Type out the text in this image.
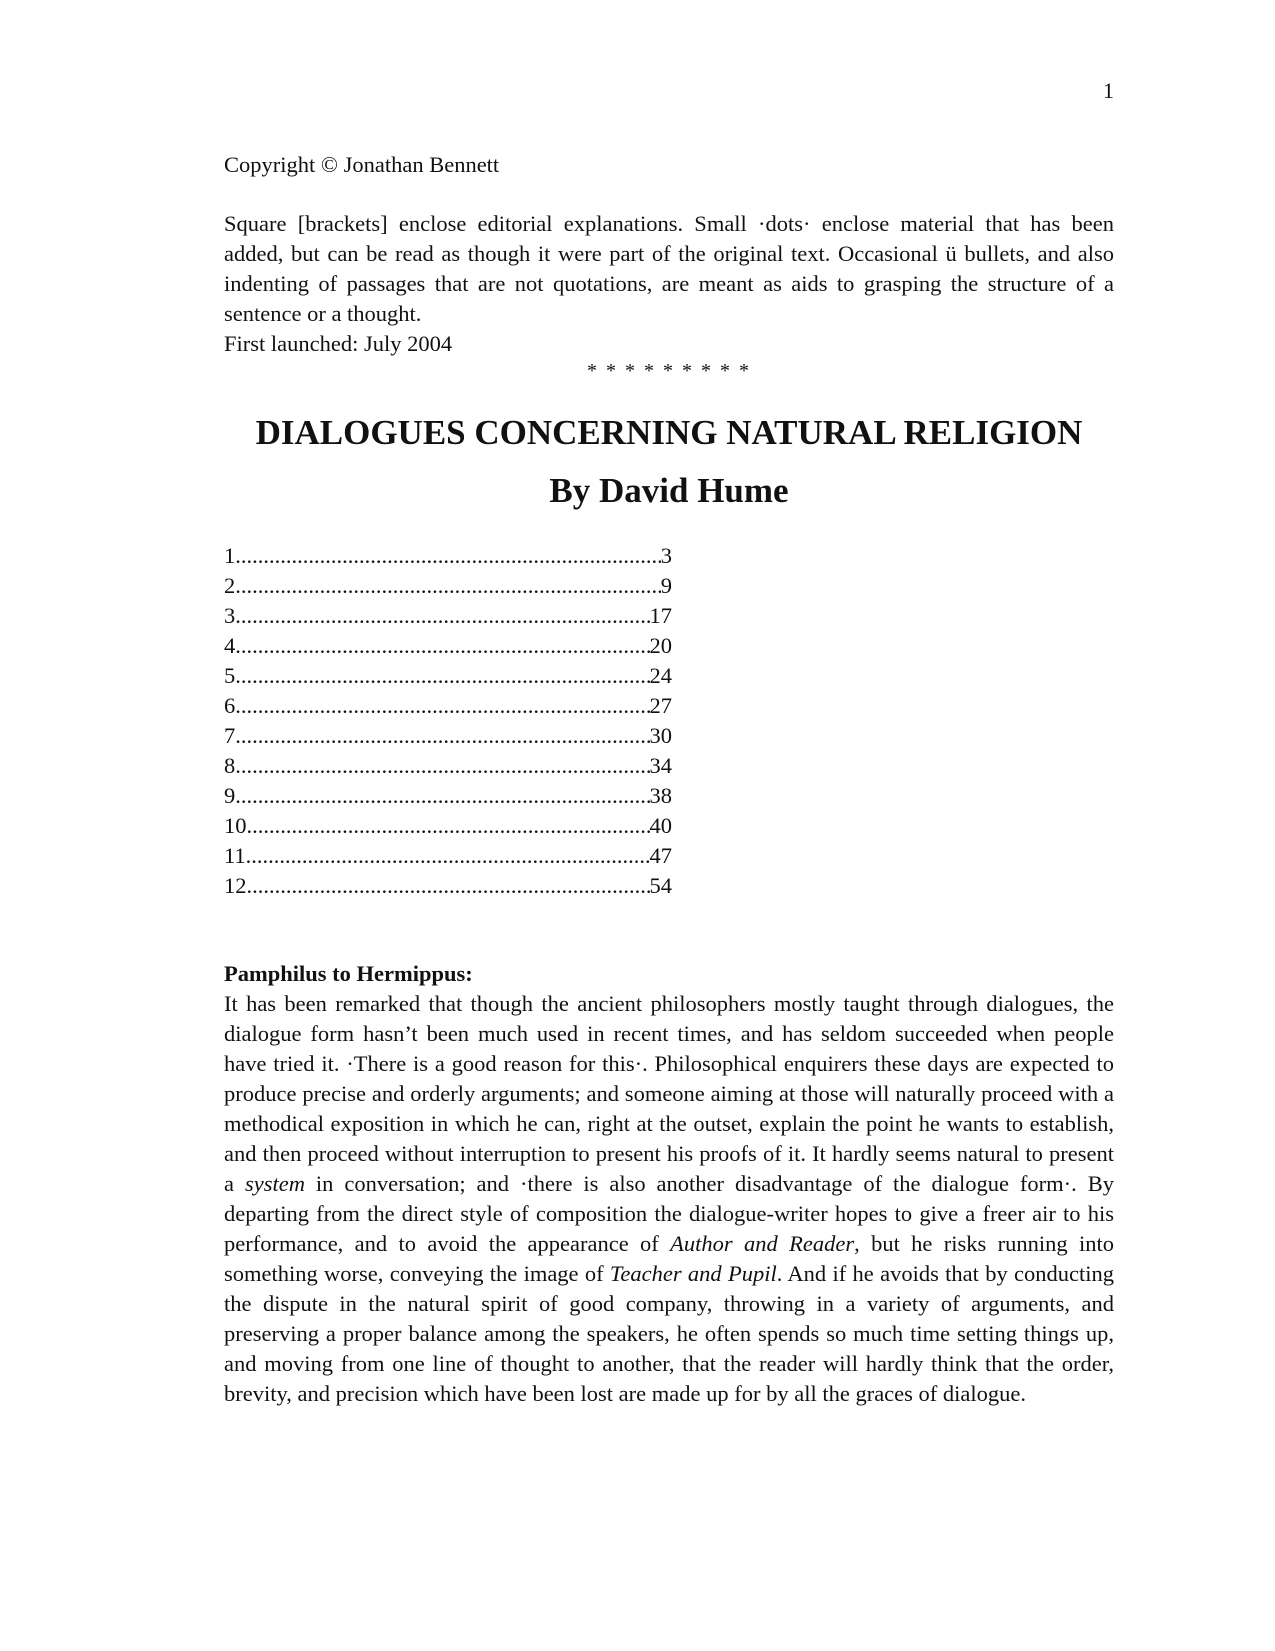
1

Copyright © Jonathan Bennett

Square [brackets] enclose editorial explanations. Small ·dots· enclose material that has been added, but can be read as though it were part of the original text. Occasional ü bullets, and also indenting of passages that are not quotations, are meant as aids to grasping the structure of a sentence or a thought.

First launched: July 2004

* * * * * * * * *

DIALOGUES CONCERNING NATURAL RELIGION
By David Hume
1 .....	3
2 .....	9
3 .....	17
4 .....	20
5 .....	24
6 .....	27
7 .....	30
8 .....	34
9 .....	38
10 .....	40
11 .....	47
12 .....	54

Pamphilus to Hermippus:

It has been remarked that though the ancient philosophers mostly taught through dialogues, the dialogue form hasn’t been much used in recent times, and has seldom succeeded when people have tried it. ·There is a good reason for this·. Philosophical enquirers these days are expected to produce precise and orderly arguments; and someone aiming at those will naturally proceed with a methodical exposition in which he can, right at the outset, explain the point he wants to establish, and then proceed without interruption to present his proofs of it. It hardly seems natural to present a system in conversation; and ·there is also another disadvantage of the dialogue form·. By departing from the direct style of composition the dialogue-writer hopes to give a freer air to his performance, and to avoid the appearance of Author and Reader, but he risks running into something worse, conveying the image of Teacher and Pupil. And if he avoids that by conducting the dispute in the natural spirit of good company, throwing in a variety of arguments, and preserving a proper balance among the speakers, he often spends so much time setting things up, and moving from one line of thought to another, that the reader will hardly think that the order, brevity, and precision which have been lost are made up for by all the graces of dialogue.
